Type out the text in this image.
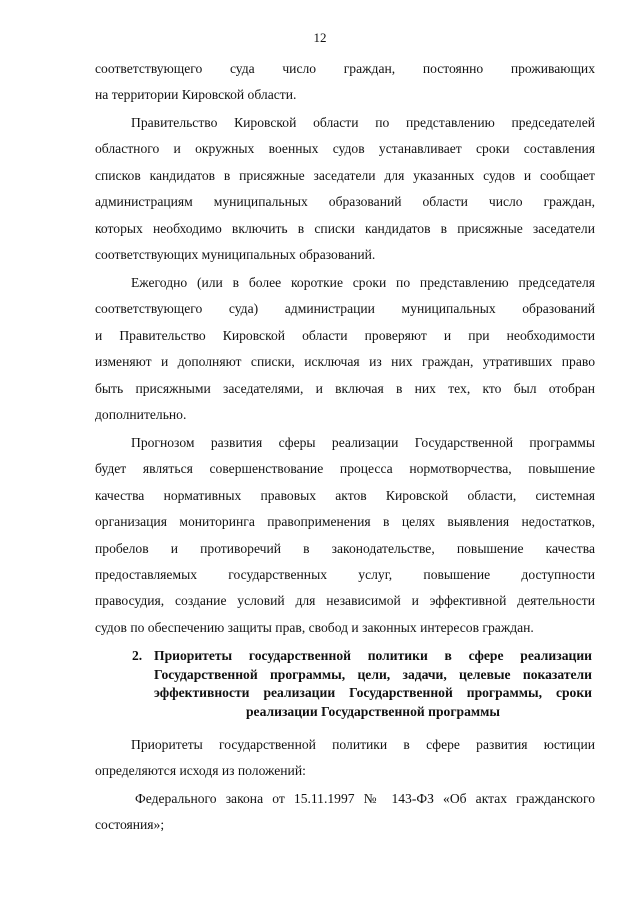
12
соответствующего суда число граждан, постоянно проживающих
на территории Кировской области.
Правительство Кировской области по представлению председателей
областного и окружных военных судов устанавливает сроки составления
списков кандидатов в присяжные заседатели для указанных судов и сообщает
администрациям муниципальных образований области число граждан,
которых необходимо включить в списки кандидатов в присяжные заседатели
соответствующих муниципальных образований.
Ежегодно (или в более короткие сроки по представлению председателя
соответствующего суда) администрации муниципальных образований
и Правительство Кировской области проверяют и при необходимости
изменяют и дополняют списки, исключая из них граждан, утративших право
быть присяжными заседателями, и включая в них тех, кто был отобран
дополнительно.
Прогнозом развития сферы реализации Государственной программы
будет являться совершенствование процесса нормотворчества, повышение
качества нормативных правовых актов Кировской области, системная
организация мониторинга правоприменения в целях выявления недостатков,
пробелов и противоречий в законодательстве, повышение качества
предоставляемых государственных услуг, повышение доступности
правосудия, создание условий для независимой и эффективной деятельности
судов по обеспечению защиты прав, свобод и законных интересов граждан.
2. Приоритеты государственной политики в сфере реализации
Государственной программы, цели, задачи, целевые показатели
эффективности реализации Государственной программы, сроки
реализации Государственной программы
Приоритеты государственной политики в сфере развития юстиции
определяются исходя из положений:
Федерального закона от 15.11.1997 № 143-ФЗ «Об актах гражданского
состояния»;
